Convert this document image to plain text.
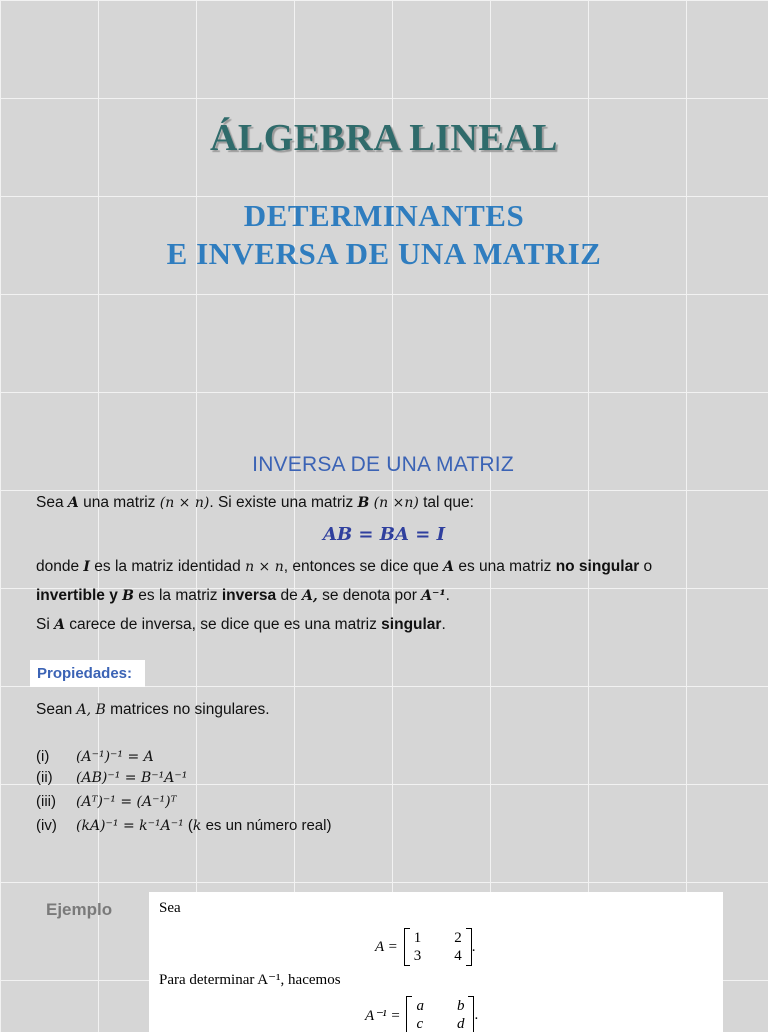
ÁLGEBRA LINEAL
DETERMINANTES
E INVERSA DE UNA MATRIZ
INVERSA DE UNA MATRIZ
Sea A una matriz (n × n). Si existe una matriz B (n ×n) tal que:
AB = BA = I
donde I es la matriz identidad n × n, entonces se dice que A es una matriz no singular o
invertible y B es la matriz inversa de A, se denota por A⁻¹.
Si A carece de inversa, se dice que es una matriz singular.
Propiedades:
Sean A, B matrices no singulares.
(i) (A⁻¹)⁻¹ = A
(ii) (AB)⁻¹ = B⁻¹A⁻¹
(iii) (Aᵀ)⁻¹ = (A⁻¹)ᵀ
(iv) (kA)⁻¹ = k⁻¹A⁻¹ (k es un número real)
Ejemplo	Sea
A =
1	2
3	4
.
Para determinar A⁻¹, hacemos
A⁻¹ =
a	b
c	d
.
